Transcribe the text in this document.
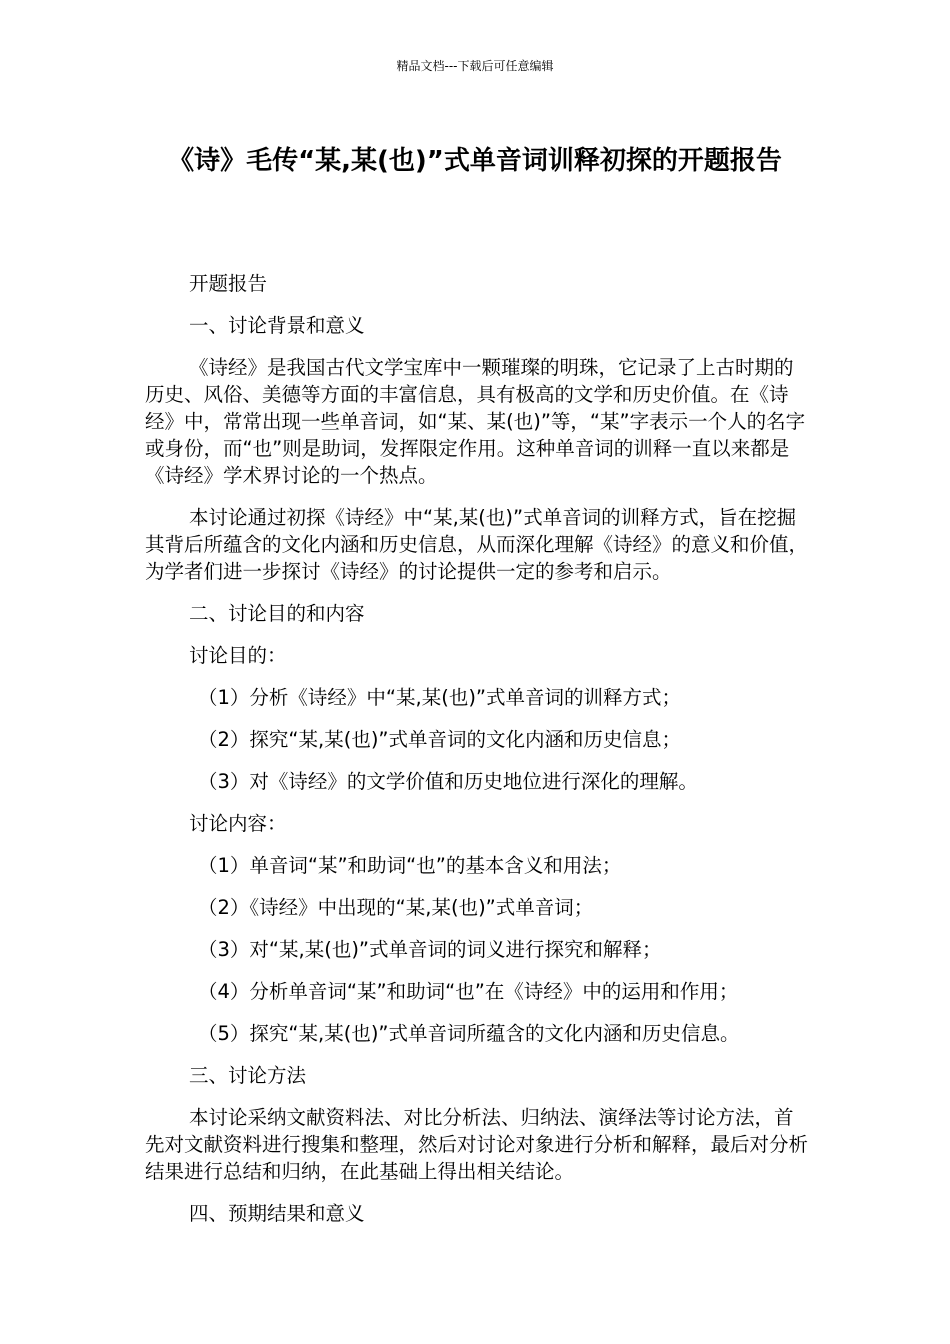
精品文档---下载后可任意编辑
《诗》毛传“某,某(也)”式单音词训释初探的开题报告

开题报告

一、讨论背景和意义

《诗经》是我国古代文学宝库中一颗璀璨的明珠，它记录了上古时期的历史、风俗、美德等方面的丰富信息，具有极高的文学和历史价值。在《诗经》中，常常出现一些单音词，如“某、某(也)”等，“某”字表示一个人的名字或身份，而“也”则是助词，发挥限定作用。这种单音词的训释一直以来都是《诗经》学术界讨论的一个热点。

本讨论通过初探《诗经》中“某,某(也)”式单音词的训释方式，旨在挖掘其背后所蕴含的文化内涵和历史信息，从而深化理解《诗经》的意义和价值，为学者们进一步探讨《诗经》的讨论提供一定的参考和启示。

二、讨论目的和内容

讨论目的：

（1）分析《诗经》中“某,某(也)”式单音词的训释方式；

（2）探究“某,某(也)”式单音词的文化内涵和历史信息；

（3）对《诗经》的文学价值和历史地位进行深化的理解。

讨论内容：

（1）单音词“某”和助词“也”的基本含义和用法；

（2）《诗经》中出现的“某,某(也)”式单音词；

（3）对“某,某(也)”式单音词的词义进行探究和解释；

（4）分析单音词“某”和助词“也”在《诗经》中的运用和作用；

（5）探究“某,某(也)”式单音词所蕴含的文化内涵和历史信息。

三、讨论方法

本讨论采纳文献资料法、对比分析法、归纳法、演绎法等讨论方法，首先对文献资料进行搜集和整理，然后对讨论对象进行分析和解释，最后对分析结果进行总结和归纳，在此基础上得出相关结论。

四、预期结果和意义
